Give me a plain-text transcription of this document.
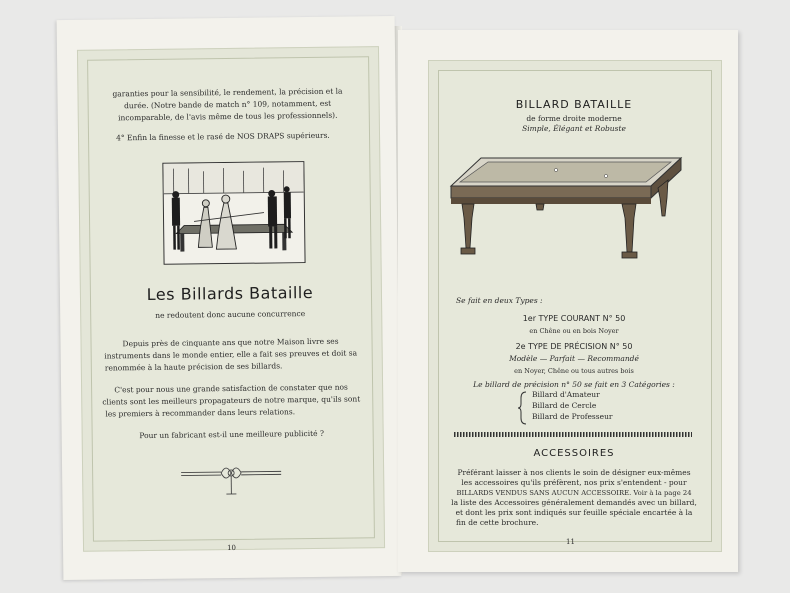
garanties pour la sensibilité, le rendement, la précision et la
durée. (Notre bande de match n° 109, notamment, est
incomparable, de l'avis même de tous les professionnels).
4° Enfin la finesse et le rasé de NOS DRAPS supérieurs.
Les Billards Bataille
ne redoutent donc aucune concurrence
Depuis près de cinquante ans que notre Maison livre ses
instruments dans le monde entier, elle a fait ses preuves et doit sa
renommée à la haute précision de ses billards.
C'est pour nous une grande satisfaction de constater que nos
clients sont les meilleurs propagateurs de notre marque, qu'ils sont
les premiers à recommander dans leurs relations.
Pour un fabricant est-il une meilleure publicité ?
10
BILLARD BATAILLE
de forme droite moderne
Simple, Élégant et Robuste
Se fait en deux Types :
1er TYPE COURANT N° 50
en Chêne ou en bois Noyer
2e TYPE DE PRÉCISION N° 50
Modèle — Parfait — Recommandé
en Noyer, Chêne ou tous autres bois
Le billard de précision n° 50 se fait en 3 Catégories :
Billard d'Amateur
Billard de Cercle
Billard de Professeur
ACCESSOIRES
Préférant laisser à nos clients le soin de désigner eux-mêmes
les accessoires qu'ils préfèrent, nos prix s'entendent - pour
BILLARDS VENDUS SANS AUCUN ACCESSOIRE. Voir à la page 24
la liste des Accessoires généralement demandés avec un billard,
et dont les prix sont indiqués sur feuille spéciale encartée à la
fin de cette brochure.
11
